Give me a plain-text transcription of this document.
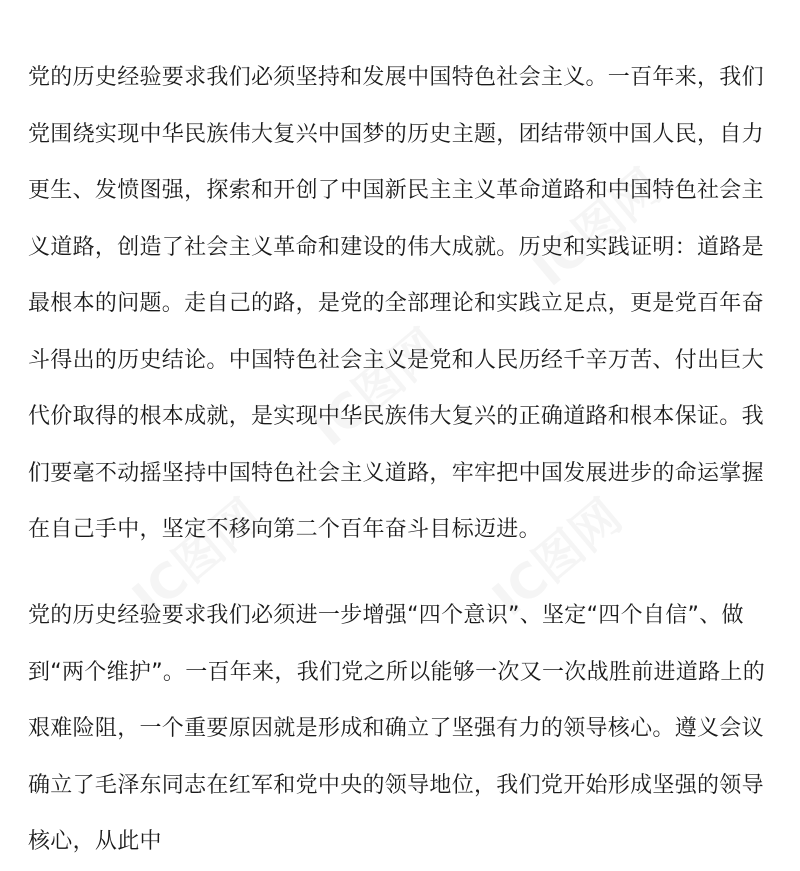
IC图网	IC图网
IC图网
IC图网

党的历史经验要求我们必须坚持和发展中国特色社会主义。一百年来，我们党围绕实现中华民族伟大复兴中国梦的历史主题，团结带领中国人民，自力更生、发愤图强，探索和开创了中国新民主主义革命道路和中国特色社会主义道路，创造了社会主义革命和建设的伟大成就。历史和实践证明：道路是最根本的问题。走自己的路，是党的全部理论和实践立足点，更是党百年奋斗得出的历史结论。中国特色社会主义是党和人民历经千辛万苦、付出巨大代价取得的根本成就，是实现中华民族伟大复兴的正确道路和根本保证。我们要毫不动摇坚持中国特色社会主义道路，牢牢把中国发展进步的命运掌握在自己手中，坚定不移向第二个百年奋斗目标迈进。

党的历史经验要求我们必须进一步增强“四个意识”、坚定“四个自信”、做到“两个维护”。一百年来，我们党之所以能够一次又一次战胜前进道路上的艰难险阻，一个重要原因就是形成和确立了坚强有力的领导核心。遵义会议确立了毛泽东同志在红军和党中央的领导地位，我们党开始形成坚强的领导核心，从此中
